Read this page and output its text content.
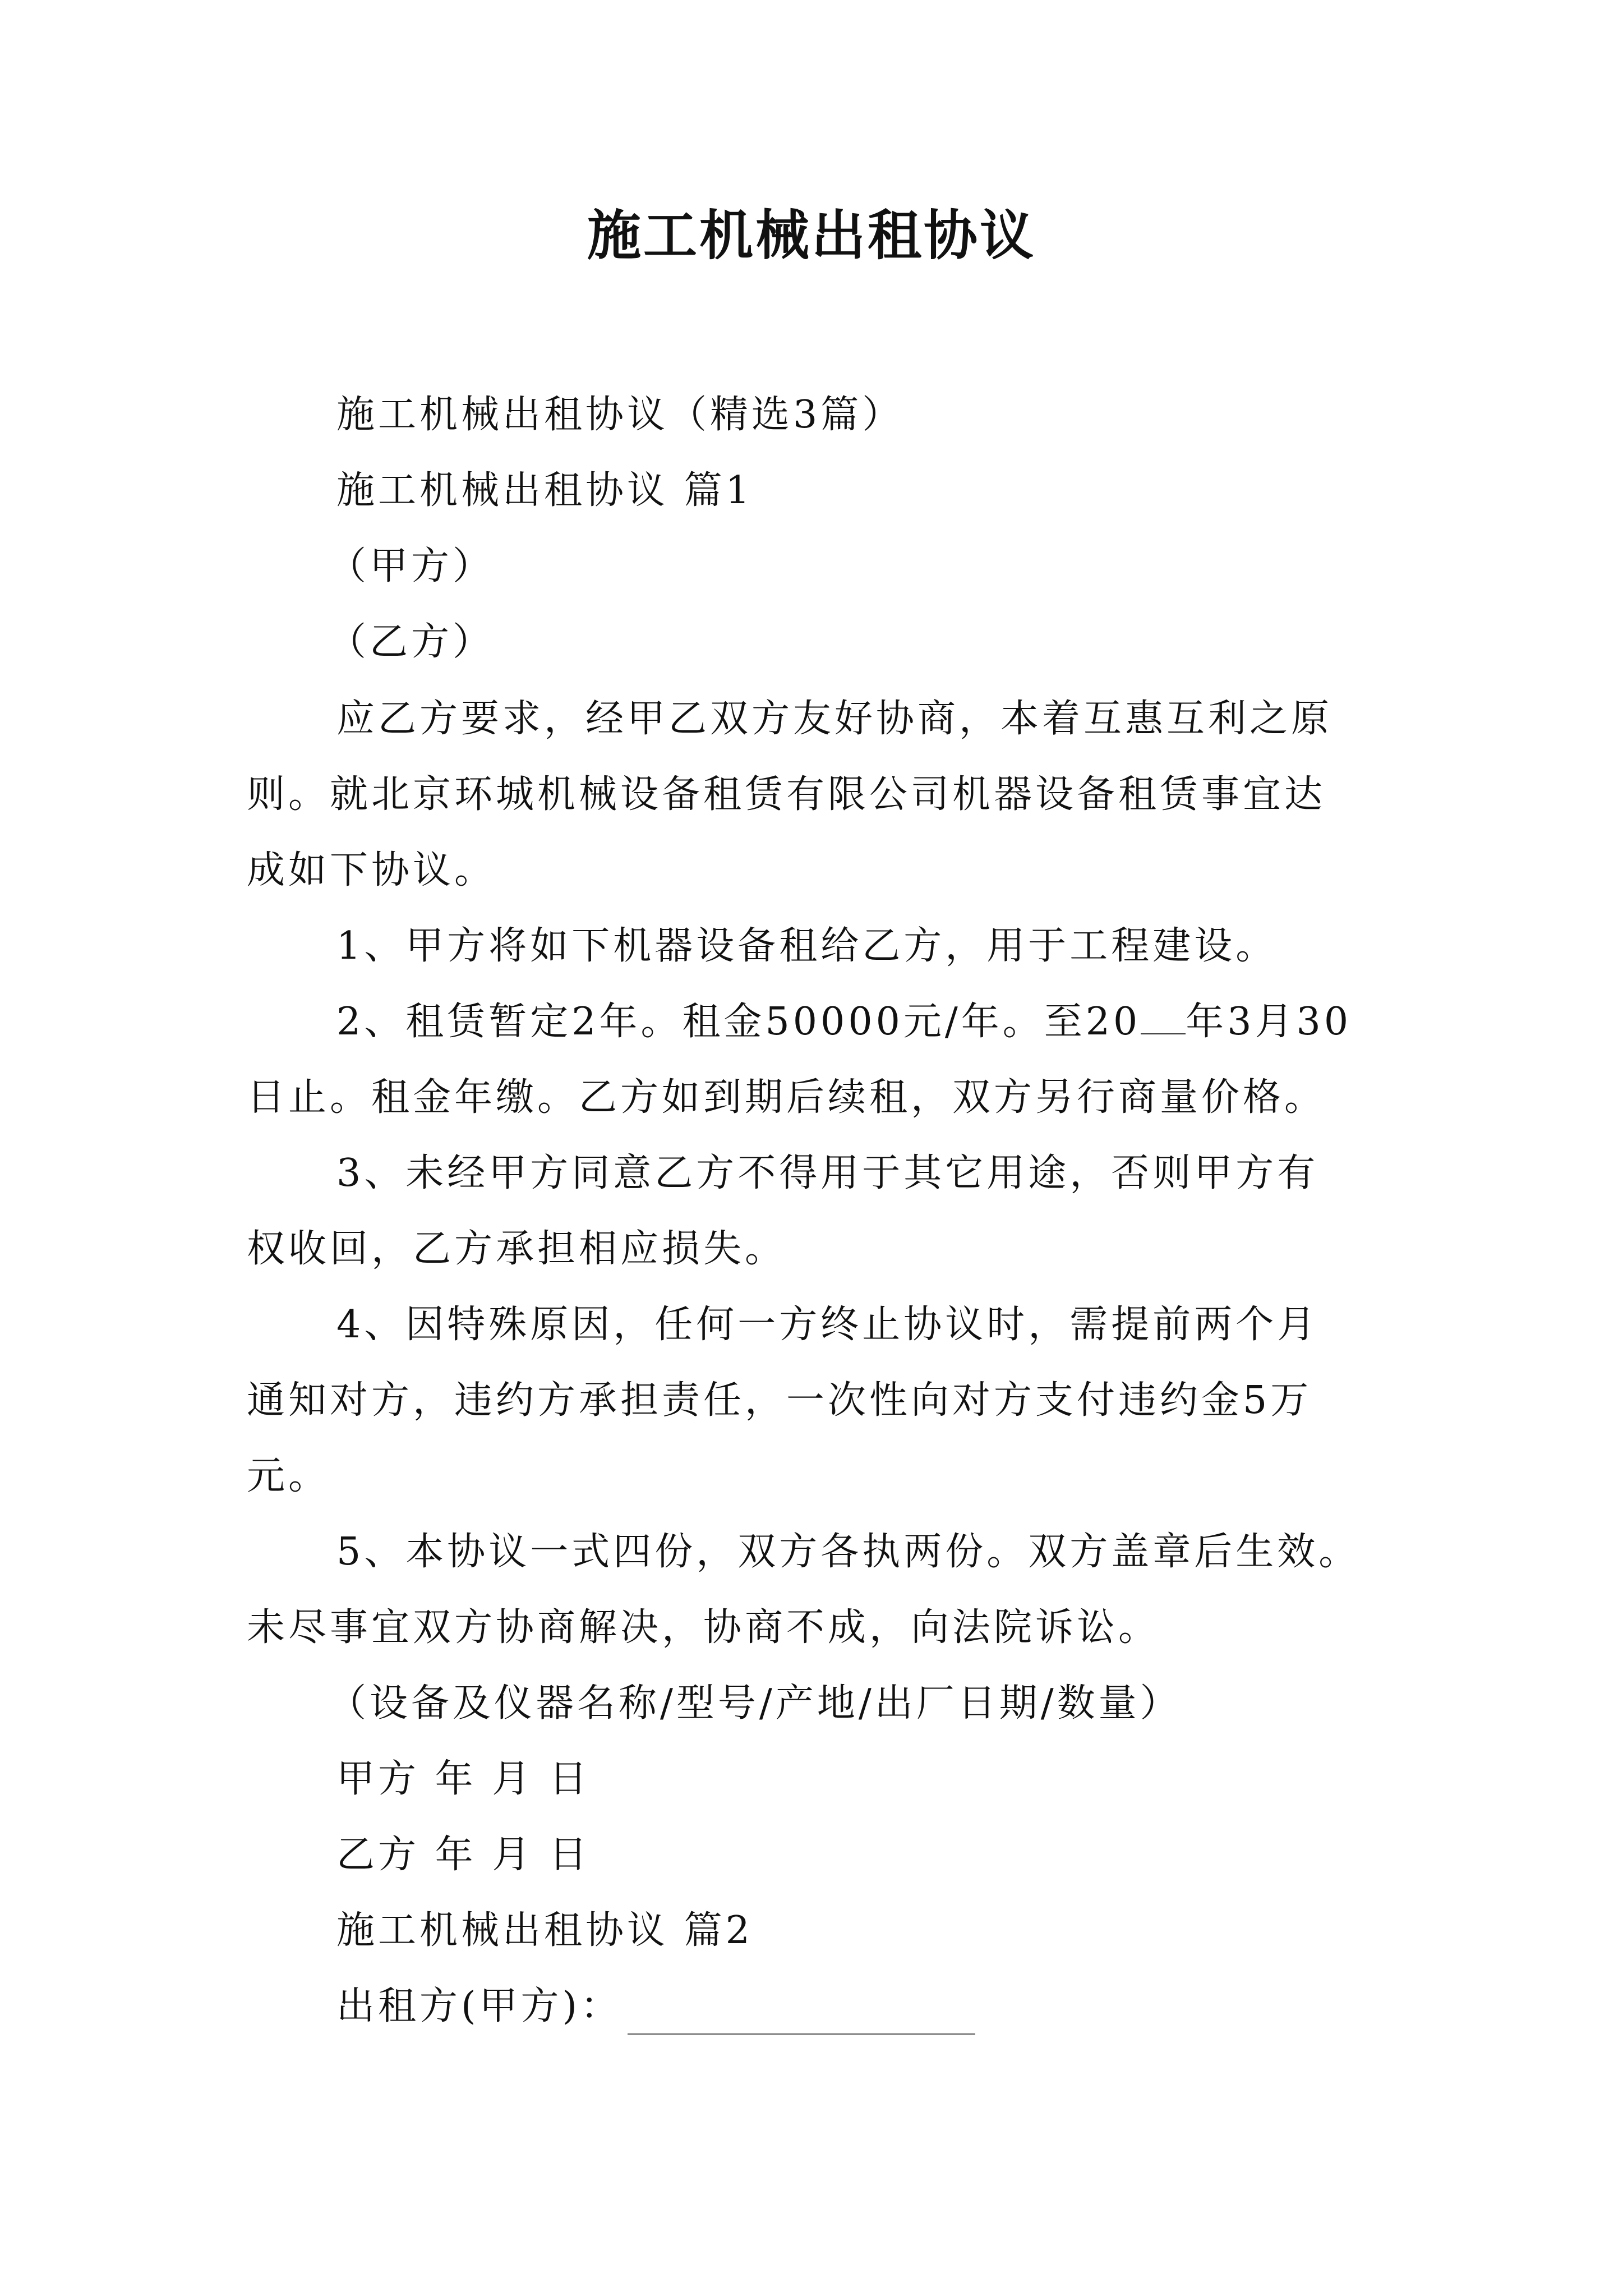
施工机械出租协议
施工机械出租协议（精选3篇）
施工机械出租协议 篇1
（甲方）
（乙方）
应乙方要求，经甲乙双方友好协商，本着互惠互利之原
则。就北京环城机械设备租赁有限公司机器设备租赁事宜达
成如下协议。
1、甲方将如下机器设备租给乙方，用于工程建设。
2、租赁暂定2年。租金50000元/年。至20 年3月30
日止。租金年缴。乙方如到期后续租，双方另行商量价格。
3、未经甲方同意乙方不得用于其它用途，否则甲方有
权收回，乙方承担相应损失。
4、因特殊原因，任何一方终止协议时，需提前两个月
通知对方，违约方承担责任，一次性向对方支付违约金5万
元。
5、本协议一式四份，双方各执两份。双方盖章后生效。
未尽事宜双方协商解决，协商不成，向法院诉讼。
（设备及仪器名称/型号/产地/出厂日期/数量）
甲方 年 月 日
乙方 年 月 日
施工机械出租协议 篇2
出租方(甲方)：
